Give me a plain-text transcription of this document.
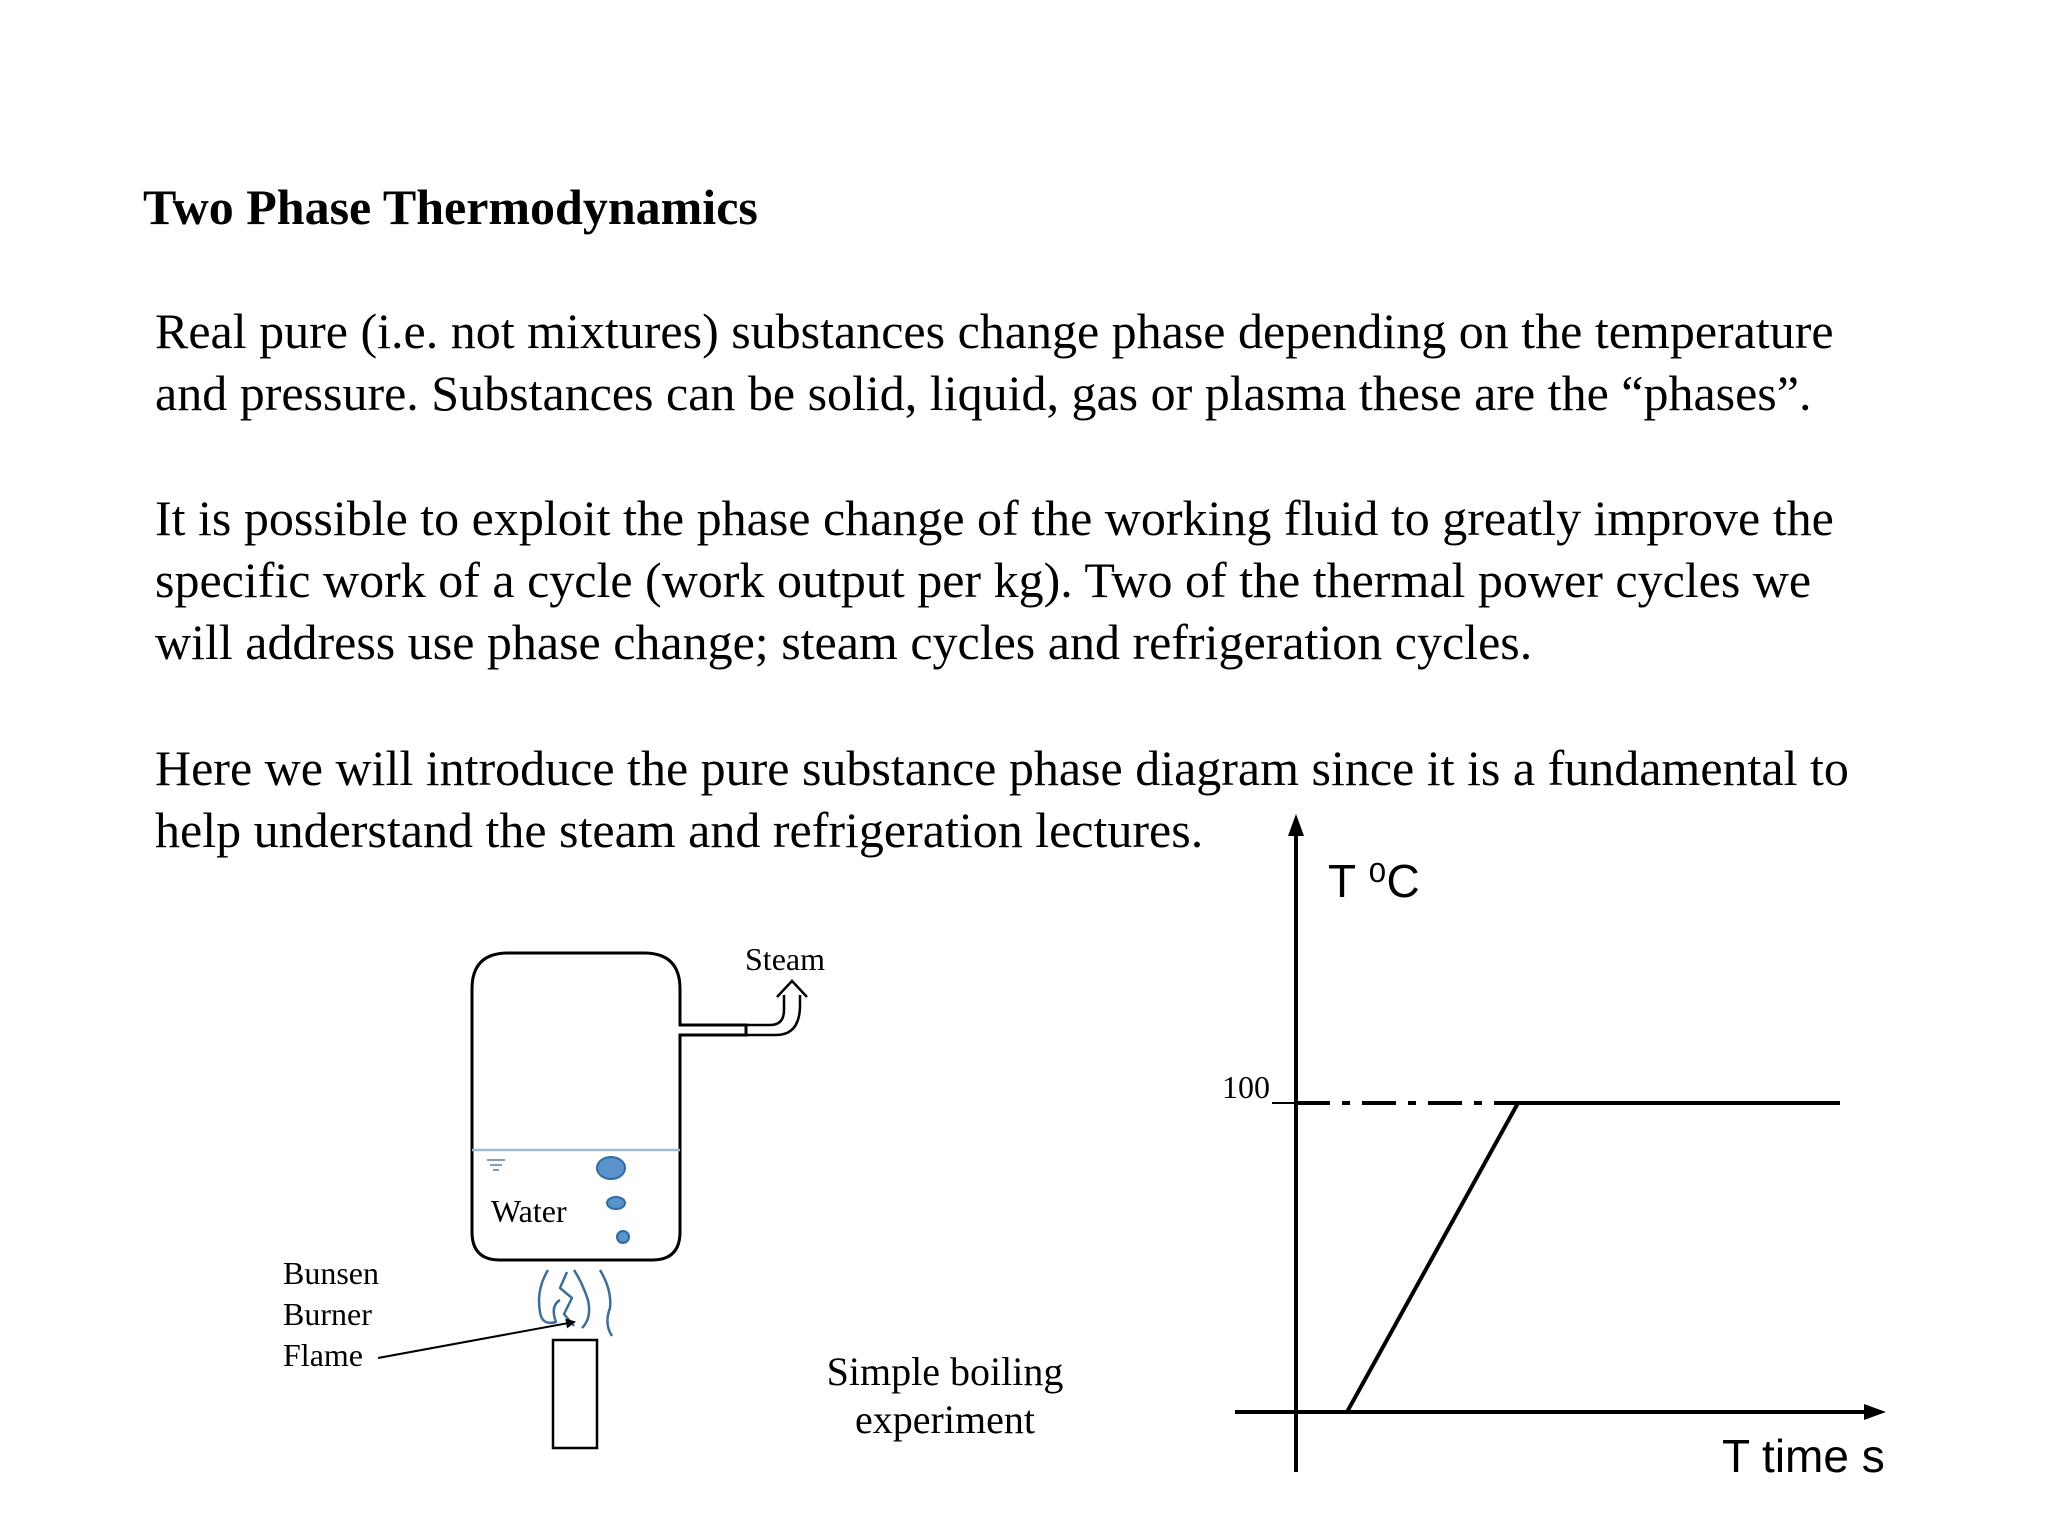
Two Phase Thermodynamics
Real pure (i.e. not mixtures) substances change phase depending on the temperature
and pressure. Substances can be solid, liquid, gas or plasma these are the “phases”.
It is possible to exploit the phase change of the working fluid to greatly improve the
specific work of a cycle (work output per kg). Two of the thermal power cycles we
will address use phase change; steam cycles and refrigeration cycles.
Here we will introduce the pure substance phase diagram since it is a fundamental to
help understand the steam and refrigeration lectures.
Steam
Water
Bunsen
Burner
Flame	Simple boiling
experiment
T ⁰C
T time s
100
